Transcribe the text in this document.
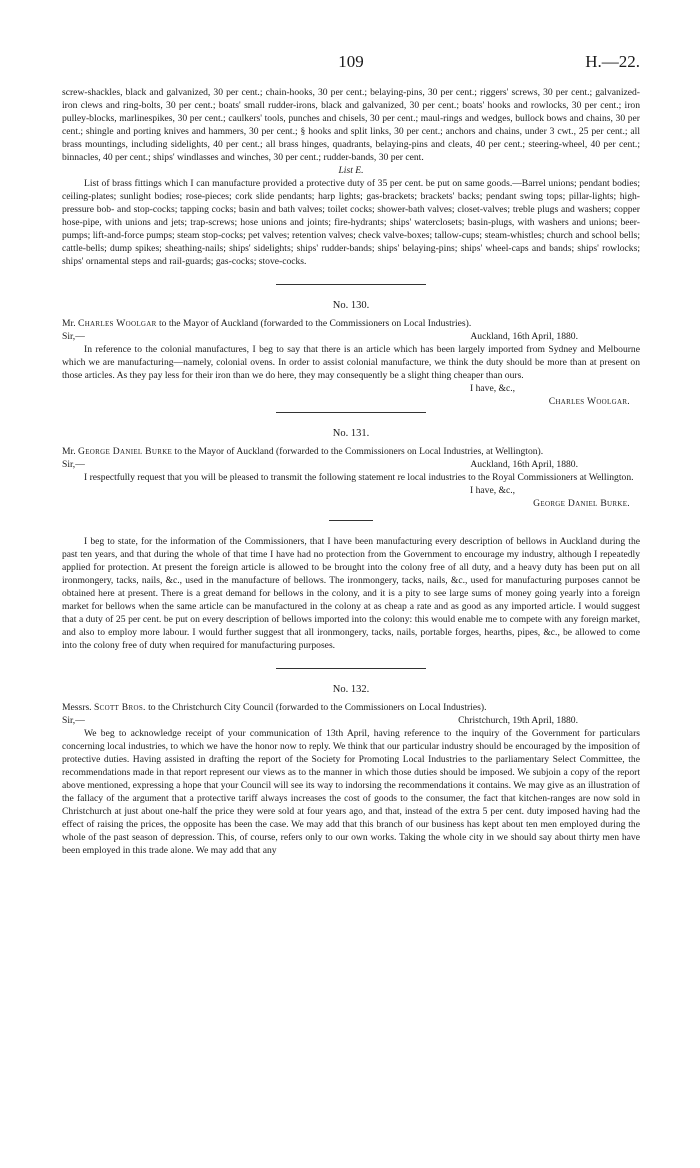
109	H.—22.

screw-shackles, black and galvanized, 30 per cent.; chain-hooks, 30 per cent.; belaying-pins, 30 per cent.; riggers' screws, 30 per cent.; galvanized-iron clews and ring-bolts, 30 per cent.; boats' small rudder-irons, black and galvanized, 30 per cent.; boats' hooks and rowlocks, 30 per cent.; iron pulley-blocks, marlinespikes, 30 per cent.; caulkers' tools, punches and chisels, 30 per cent.; maul-rings and wedges, bullock bows and chains, 30 per cent.; shingle and porting knives and hammers, 30 per cent.; § hooks and split links, 30 per cent.; anchors and chains, under 3 cwt., 25 per cent.; all brass mountings, including sidelights, 40 per cent.; all brass hinges, quadrants, belaying-pins and cleats, 40 per cent.; steering-wheel, 40 per cent.; binnacles, 40 per cent.; ships' windlasses and winches, 30 per cent.; rudder-bands, 30 per cent.

List E.

List of brass fittings which I can manufacture provided a protective duty of 35 per cent. be put on same goods.—Barrel unions; pendant bodies; ceiling-plates; sunlight bodies; rose-pieces; cork slide pendants; harp lights; gas-brackets; brackets' backs; pendant swing tops; pillar-lights; high-pressure bob- and stop-cocks; tapping cocks; basin and bath valves; toilet cocks; shower-bath valves; closet-valves; treble plugs and washers; copper hose-pipe, with unions and jets; trap-screws; hose unions and joints; fire-hydrants; ships' waterclosets; basin-plugs, with washers and unions; beer-pumps; lift-and-force pumps; steam stop-cocks; pet valves; retention valves; check valve-boxes; tallow-cups; steam-whistles; church and school bells; cattle-bells; dump spikes; sheathing-nails; ships' sidelights; ships' rudder-bands; ships' belaying-pins; ships' wheel-caps and bands; ships' rowlocks; ships' ornamental steps and rail-guards; gas-cocks; stove-cocks.

No. 130.
Mr. Charles Woolgar to the Mayor of Auckland (forwarded to the Commissioners on Local Industries).
Sir,—	Auckland, 16th April, 1880.

In reference to the colonial manufactures, I beg to say that there is an article which has been largely imported from Sydney and Melbourne which we are manufacturing—namely, colonial ovens. In order to assist colonial manufacture, we think the duty should be more than at present on those articles. As they pay less for their iron than we do here, they may consequently be a slight thing cheaper than ours.

I have, &c.,
Charles Woolgar.
No. 131.
Mr. George Daniel Burke to the Mayor of Auckland (forwarded to the Commissioners on Local Industries, at Wellington).
Sir,—	Auckland, 16th April, 1880.

I respectfully request that you will be pleased to transmit the following statement re local industries to the Royal Commissioners at Wellington.

I have, &c.,
George Daniel Burke.

I beg to state, for the information of the Commissioners, that I have been manufacturing every description of bellows in Auckland during the past ten years, and that during the whole of that time I have had no protection from the Government to encourage my industry, although I repeatedly applied for protection. At present the foreign article is allowed to be brought into the colony free of all duty, and a heavy duty has been put on all ironmongery, tacks, nails, &c., used in the manufacture of bellows. The ironmongery, tacks, nails, &c., used for manufacturing purposes cannot be obtained here at present. There is a great demand for bellows in the colony, and it is a pity to see large sums of money going yearly into a foreign market for bellows when the same article can be manufactured in the colony at as cheap a rate and as good as any imported article. I would suggest that a duty of 25 per cent. be put on every description of bellows imported into the colony: this would enable me to compete with any foreign market, and also to employ more labour. I would further suggest that all ironmongery, tacks, nails, portable forges, hearths, pipes, &c., be allowed to come into the colony free of duty when required for manufacturing purposes.

No. 132.
Messrs. Scott Bros. to the Christchurch City Council (forwarded to the Commissioners on Local Industries).
Sir,—	Christchurch, 19th April, 1880.

We beg to acknowledge receipt of your communication of 13th April, having reference to the inquiry of the Government for particulars concerning local industries, to which we have the honor now to reply. We think that our particular industry should be encouraged by the imposition of protective duties. Having assisted in drafting the report of the Society for Promoting Local Industries to the parliamentary Select Committee, the recommendations made in that report represent our views as to the manner in which those duties should be imposed. We subjoin a copy of the report above mentioned, expressing a hope that your Council will see its way to indorsing the recommendations it contains. We may give as an illustration of the fallacy of the argument that a protective tariff always increases the cost of goods to the consumer, the fact that kitchen-ranges are now sold in Christchurch at just about one-half the price they were sold at four years ago, and that, instead of the extra 5 per cent. duty imposed having had the effect of raising the prices, the opposite has been the case. We may add that this branch of our business has kept about ten men employed during the whole of the past season of depression. This, of course, refers only to our own works. Taking the whole city in we should say about thirty men have been employed in this trade alone. We may add that any
